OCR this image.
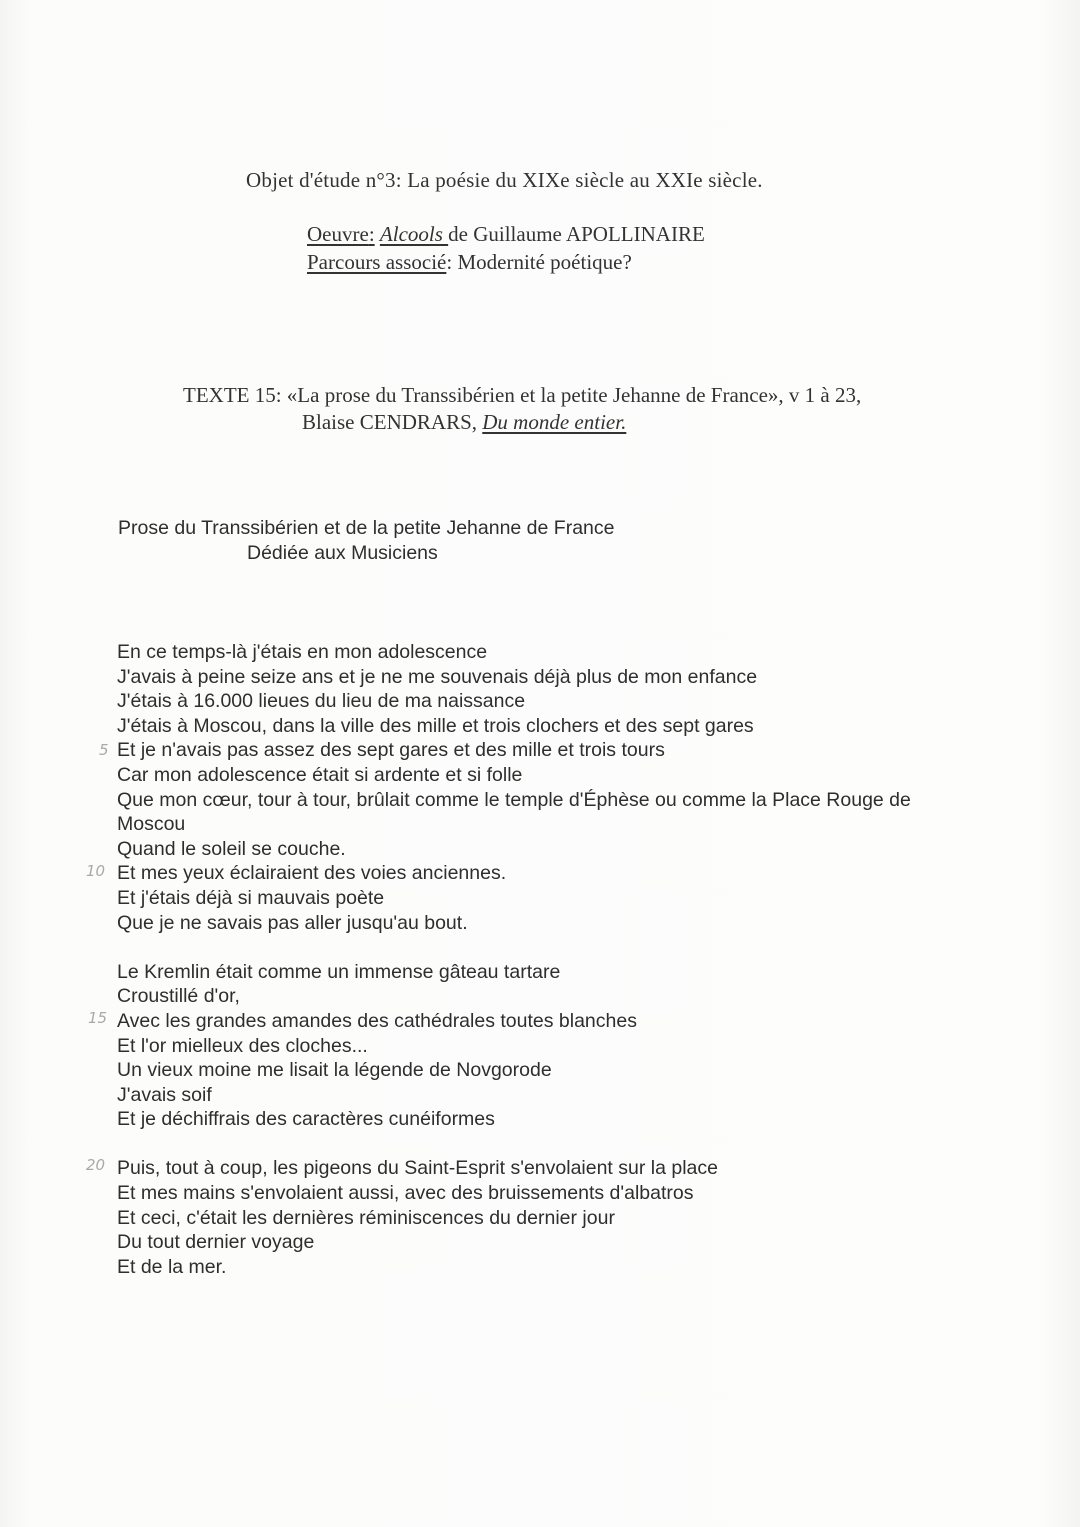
Objet d'étude n°3: La poésie du XIXe siècle au XXIe siècle.
Oeuvre: Alcools de Guillaume APOLLINAIRE
Parcours associé: Modernité poétique?
TEXTE 15: «La prose du Transsibérien et la petite Jehanne de France», v 1 à 23,
Blaise CENDRARS, Du monde entier.
Prose du Transsibérien et de la petite Jehanne de France
Dédiée aux Musiciens
En ce temps-là j'étais en mon adolescence
J'avais à peine seize ans et je ne me souvenais déjà plus de mon enfance
J'étais à 16.000 lieues du lieu de ma naissance
J'étais à Moscou, dans la ville des mille et trois clochers et des sept gares
Et je n'avais pas assez des sept gares et des mille et trois tours
Car mon adolescence était si ardente et si folle
Que mon cœur, tour à tour, brûlait comme le temple d'Éphèse ou comme la Place Rouge de Moscou
Quand le soleil se couche.
Et mes yeux éclairaient des voies anciennes.
Et j'étais déjà si mauvais poète
Que je ne savais pas aller jusqu'au bout.
Le Kremlin était comme un immense gâteau tartare
Croustillé d'or,
Avec les grandes amandes des cathédrales toutes blanches
Et l'or mielleux des cloches...
Un vieux moine me lisait la légende de Novgorode
J'avais soif
Et je déchiffrais des caractères cunéiformes
Puis, tout à coup, les pigeons du Saint-Esprit s'envolaient sur la place
Et mes mains s'envolaient aussi, avec des bruissements d'albatros
Et ceci, c'était les dernières réminiscences du dernier jour
Du tout dernier voyage
Et de la mer.
5
10
15
20
